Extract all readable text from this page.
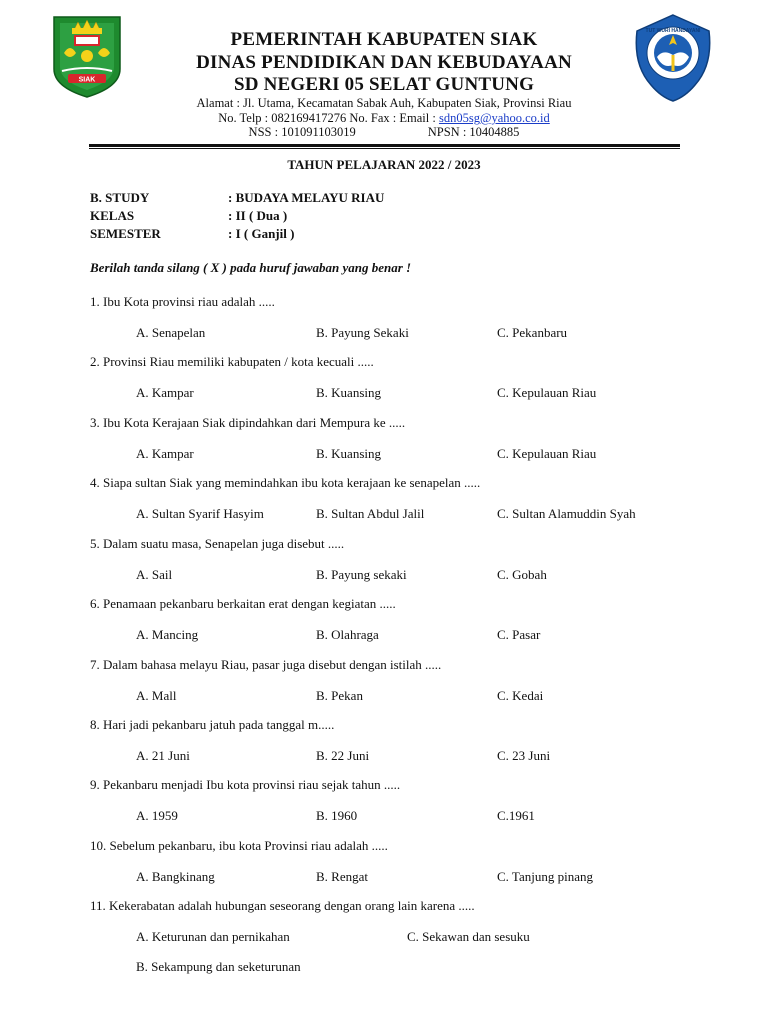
SIAK
TUT WURI HANDAYANI
PEMERINTAH KABUPATEN SIAK
DINAS PENDIDIKAN DAN KEBUDAYAAN
SD NEGERI 05 SELAT GUNTUNG
Alamat : Jl. Utama, Kecamatan Sabak Auh, Kabupaten Siak, Provinsi Riau
No. Telp : 082169417276 No. Fax : Email : sdn05sg@yahoo.co.id
NSS : 101091103019	NPSN : 10404885
TAHUN PELAJARAN 2022 / 2023
B. STUDY	: BUDAYA MELAYU RIAU
KELAS	: II ( Dua )
SEMESTER	: I ( Ganjil )
Berilah tanda silang ( X ) pada huruf jawaban yang benar !
1. Ibu Kota provinsi riau adalah .....
A. Senapelan	B. Payung Sekaki	C. Pekanbaru
2. Provinsi Riau memiliki kabupaten / kota kecuali .....
A. Kampar	B. Kuansing	C. Kepulauan Riau
3. Ibu Kota Kerajaan Siak dipindahkan dari Mempura ke .....
A. Kampar	B. Kuansing	C. Kepulauan Riau
4. Siapa sultan Siak yang memindahkan ibu kota kerajaan ke senapelan .....
A. Sultan Syarif Hasyim	B. Sultan Abdul Jalil	C. Sultan Alamuddin Syah
5. Dalam suatu masa, Senapelan juga disebut .....
A. Sail	B. Payung sekaki	C. Gobah
6. Penamaan pekanbaru berkaitan erat dengan kegiatan .....
A. Mancing	B. Olahraga	C. Pasar
7. Dalam bahasa melayu Riau, pasar juga disebut dengan istilah .....
A. Mall	B. Pekan	C. Kedai
8. Hari jadi pekanbaru jatuh pada tanggal m.....
A. 21 Juni	B. 22 Juni	C. 23 Juni
9. Pekanbaru menjadi Ibu kota provinsi riau sejak tahun .....
A. 1959	B. 1960	C.1961
10. Sebelum pekanbaru, ibu kota Provinsi riau adalah .....
A. Bangkinang	B. Rengat	C. Tanjung pinang
11. Kekerabatan adalah hubungan seseorang dengan orang lain karena .....
A. Keturunan dan pernikahan	C. Sekawan dan sesuku
B. Sekampung dan seketurunan
